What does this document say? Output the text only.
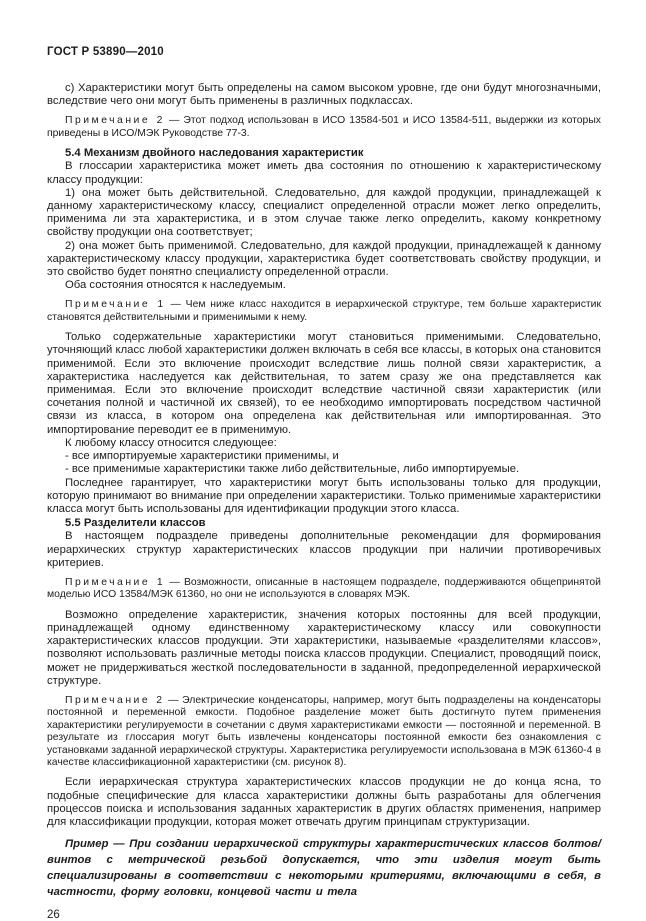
ГОСТ Р 53890—2010

с) Характеристики могут быть определены на самом высоком уровне, где они будут многозначными, вследствие чего они могут быть применены в различных подклассах.

Примечание 2 — Этот подход использован в ИСО 13584-501 и ИСО 13584-511, выдержки из которых приведены в ИСО/МЭК Руководстве 77-3.

5.4 Механизм двойного наследования характеристик

В глоссарии характеристика может иметь два состояния по отношению к характеристическому классу продукции:

1) она может быть действительной. Следовательно, для каждой продукции, принадлежащей к данному характеристическому классу, специалист определенной отрасли может легко определить, применима ли эта характеристика, и в этом случае также легко определить, какому конкретному свойству продукции она соответствует;

2) она может быть применимой. Следовательно, для каждой продукции, принадлежащей к данному характеристическому классу продукции, характеристика будет соответствовать свойству продукции, и это свойство будет понятно специалисту определенной отрасли.

Оба состояния относятся к наследуемым.

Примечание 1 — Чем ниже класс находится в иерархической структуре, тем больше характеристик становятся действительными и применимыми к нему.

Только содержательные характеристики могут становиться применимыми. Следовательно, уточняющий класс любой характеристики должен включать в себя все классы, в которых она становится применимой. Если это включение происходит вследствие лишь полной связи характеристик, а характеристика наследуется как действительная, то затем сразу же она представляется как применимая. Если это включение происходит вследствие частичной связи характеристик (или сочетания полной и частичной их связей), то ее необходимо импортировать посредством частичной связи из класса, в котором она определена как действительная или импортированная. Это импортирование переводит ее в применимую.

К любому классу относится следующее:

- все импортируемые характеристики применимы, и

- все применимые характеристики также либо действительные, либо импортируемые.

Последнее гарантирует, что характеристики могут быть использованы только для продукции, которую принимают во внимание при определении характеристики. Только применимые характеристики класса могут быть использованы для идентификации продукции этого класса.

5.5 Разделители классов

В настоящем подразделе приведены дополнительные рекомендации для формирования иерархических структур характеристических классов продукции при наличии противоречивых критериев.

Примечание 1 — Возможности, описанные в настоящем подразделе, поддерживаются общепринятой моделью ИСО 13584/МЭК 61360, но они не используются в словарях МЭК.

Возможно определение характеристик, значения которых постоянны для всей продукции, принадлежащей одному единственному характеристическому классу или совокупности характеристических классов продукции. Эти характеристики, называемые «разделителями классов», позволяют использовать различные методы поиска классов продукции. Специалист, проводящий поиск, может не придерживаться жесткой последовательности в заданной, предопределенной иерархической структуре.

Примечание 2 — Электрические конденсаторы, например, могут быть подразделены на конденсаторы постоянной и переменной емкости. Подобное разделение может быть достигнуто путем применения характеристики регулируемости в сочетании с двумя характеристиками емкости — постоянной и переменной. В результате из глоссария могут быть извлечены конденсаторы постоянной емкости без ознакомления с установками заданной иерархической структуры. Характеристика регулируемости использована в МЭК 61360-4 в качестве классификационной характеристики (см. рисунок 8).

Если иерархическая структура характеристических классов продукции не до конца ясна, то подобные специфические для класса характеристики должны быть разработаны для облегчения процессов поиска и использования заданных характеристик в других областях применения, например для классификации продукции, которая может отвечать другим принципам структуризации.

Пример — При создании иерархической структуры характеристических классов болтов/винтов с метрической резьбой допускается, что эти изделия могут быть специализированы в соответствии с некоторыми критериями, включающими в себя, в частности, форму головки, концевой части и тела

26
